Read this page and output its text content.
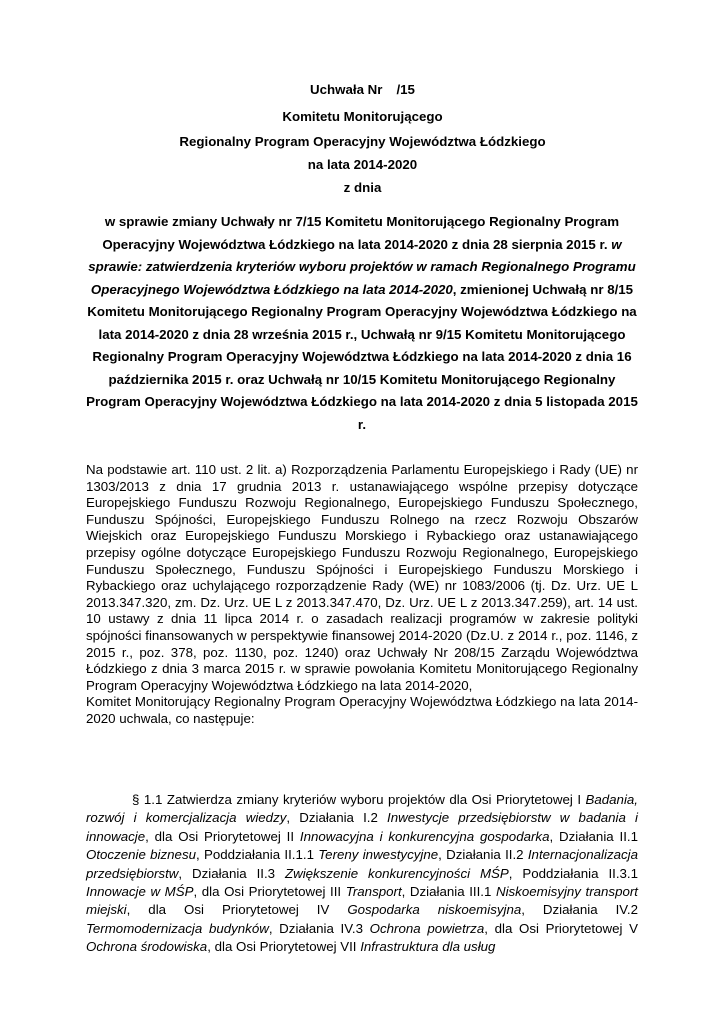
Uchwała Nr /15
Komitetu Monitorującego
Regionalny Program Operacyjny Województwa Łódzkiego
na lata 2014-2020
z dnia
w sprawie zmiany Uchwały nr 7/15 Komitetu Monitorującego Regionalny Program Operacyjny Województwa Łódzkiego na lata 2014-2020 z dnia 28 sierpnia 2015 r. w sprawie: zatwierdzenia kryteriów wyboru projektów w ramach Regionalnego Programu Operacyjnego Województwa Łódzkiego na lata 2014-2020, zmienionej Uchwałą nr 8/15 Komitetu Monitorującego Regionalny Program Operacyjny Województwa Łódzkiego na lata 2014-2020 z dnia 28 września 2015 r., Uchwałą nr 9/15 Komitetu Monitorującego Regionalny Program Operacyjny Województwa Łódzkiego na lata 2014-2020 z dnia 16 października 2015 r. oraz Uchwałą nr 10/15 Komitetu Monitorującego Regionalny Program Operacyjny Województwa Łódzkiego na lata 2014-2020 z dnia 5 listopada 2015 r.

Na podstawie art. 110 ust. 2 lit. a) Rozporządzenia Parlamentu Europejskiego i Rady (UE) nr 1303/2013 z dnia 17 grudnia 2013 r. ustanawiającego wspólne przepisy dotyczące Europejskiego Funduszu Rozwoju Regionalnego, Europejskiego Funduszu Społecznego, Funduszu Spójności, Europejskiego Funduszu Rolnego na rzecz Rozwoju Obszarów Wiejskich oraz Europejskiego Funduszu Morskiego i Rybackiego oraz ustanawiającego przepisy ogólne dotyczące Europejskiego Funduszu Rozwoju Regionalnego, Europejskiego Funduszu Społecznego, Funduszu Spójności i Europejskiego Funduszu Morskiego i Rybackiego oraz uchylającego rozporządzenie Rady (WE) nr 1083/2006 (tj. Dz. Urz. UE L 2013.347.320, zm. Dz. Urz. UE L z 2013.347.470, Dz. Urz. UE L z 2013.347.259), art. 14 ust. 10 ustawy z dnia 11 lipca 2014 r. o zasadach realizacji programów w zakresie polityki spójności finansowanych w perspektywie finansowej 2014-2020 (Dz.U. z 2014 r., poz. 1146, z 2015 r., poz. 378, poz. 1130, poz. 1240) oraz Uchwały Nr 208/15 Zarządu Województwa Łódzkiego z dnia 3 marca 2015 r. w sprawie powołania Komitetu Monitorującego Regionalny Program Operacyjny Województwa Łódzkiego na lata 2014-2020,

Komitet Monitorujący Regionalny Program Operacyjny Województwa Łódzkiego na lata 2014-2020 uchwala, co następuje:

§ 1.1 Zatwierdza zmiany kryteriów wyboru projektów dla Osi Priorytetowej I Badania, rozwój i komercjalizacja wiedzy, Działania I.2 Inwestycje przedsiębiorstw w badania i innowacje, dla Osi Priorytetowej II Innowacyjna i konkurencyjna gospodarka, Działania II.1 Otoczenie biznesu, Poddziałania II.1.1 Tereny inwestycyjne, Działania II.2 Internacjonalizacja przedsiębiorstw, Działania II.3 Zwiększenie konkurencyjności MŚP, Poddziałania II.3.1 Innowacje w MŚP, dla Osi Priorytetowej III Transport, Działania III.1 Niskoemisyjny transport miejski, dla Osi Priorytetowej IV Gospodarka niskoemisyjna, Działania IV.2 Termomodernizacja budynków, Działania IV.3 Ochrona powietrza, dla Osi Priorytetowej V Ochrona środowiska, dla Osi Priorytetowej VII Infrastruktura dla usług
